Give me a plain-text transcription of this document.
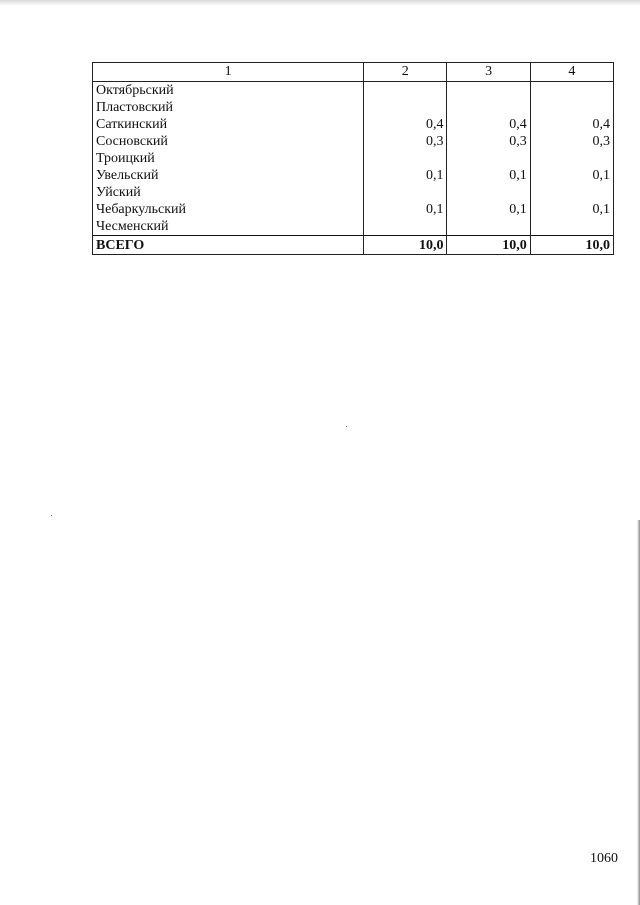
1	2	3	4
Октябрьский			
Пластовский			
Саткинский	0,4	0,4	0,4
Сосновский	0,3	0,3	0,3
Троицкий			
Увельский	0,1	0,1	0,1
Уйский			
Чебаркульский	0,1	0,1	0,1
Чесменский			
ВСЕГО	10,0	10,0	10,0
1060
